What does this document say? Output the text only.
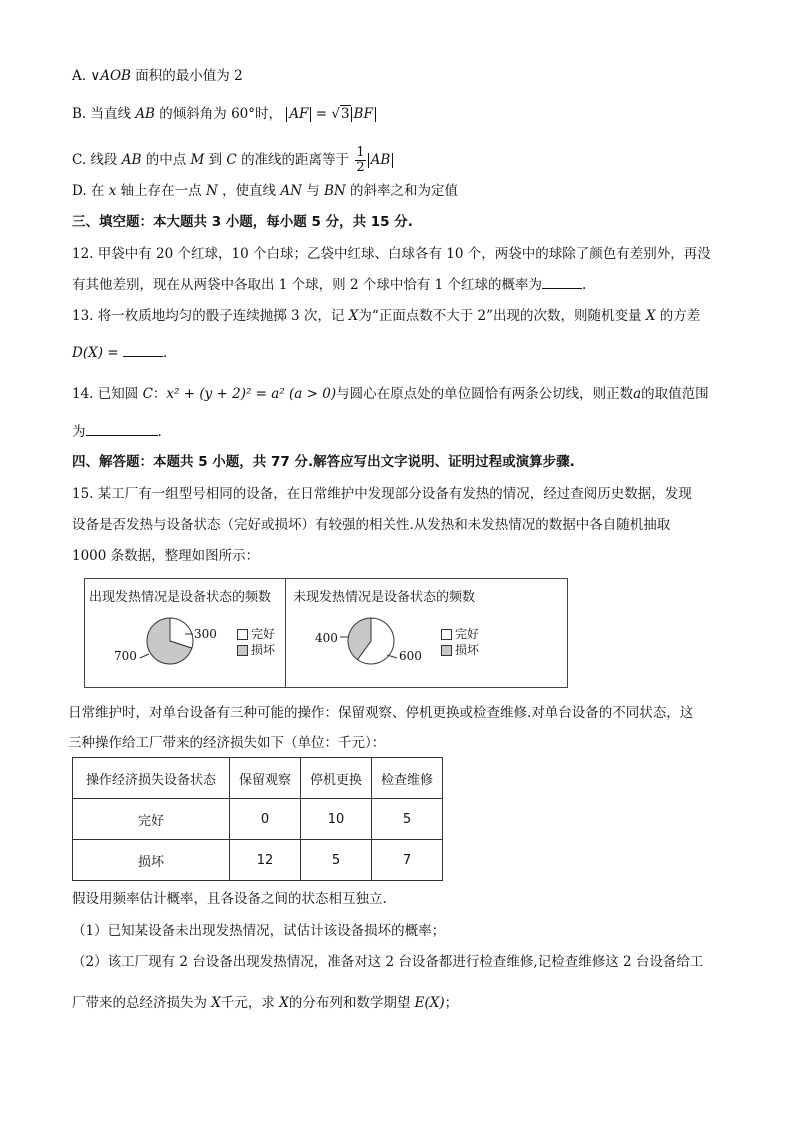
A. ∨AOB 面积的最小值为 2
B. 当直线 AB 的倾斜角为 60°时， AF = √3 BF
C. 线段 AB 的中点 M 到 C 的准线的距离等于 $\frac{1}{2}$ AB
D. 在 x 轴上存在一点 N ，使直线 AN 与 BN 的斜率之和为定值
三、填空题：本大题共 3 小题，每小题 5 分，共 15 分.
12. 甲袋中有 20 个红球，10 个白球；乙袋中红球、白球各有 10 个，两袋中的球除了颜色有差别外，再没
有其他差别，现在从两袋中各取出 1 个球，则 2 个球中恰有 1 个红球的概率为	.
13. 将一枚质地均匀的骰子连续抛掷 3 次，记 X为“正面点数不大于 2”出现的次数，则随机变量 X 的方差
D(X) =	.
14. 已知圆 C：x² + (y + 2)² = a² (a > 0)与圆心在原点处的单位圆恰有两条公切线，则正数a的取值范围
为	.
四、解答题：本题共 5 小题，共 77 分.解答应写出文字说明、证明过程或演算步骤.
15. 某工厂有一组型号相同的设备，在日常维护中发现部分设备有发热的情况，经过查阅历史数据，发现
设备是否发热与设备状态（完好或损坏）有较强的相关性.从发热和未发热情况的数据中各自随机抽取
1000 条数据，整理如图所示：
出现发热情况是设备状态的频数
300
700
完好
损坏
未现发热情况是设备状态的频数
400
600
完好
损坏
日常维护时，对单台设备有三种可能的操作：保留观察、停机更换或检查维修.对单台设备的不同状态，这
三种操作给工厂带来的经济损失如下（单位：千元）：
操作经济损失设备状态	保留观察	停机更换	检查维修
完好	0	10	5
损坏	12	5	7
假设用频率估计概率，且各设备之间的状态相互独立.
（1）已知某设备未出现发热情况，试估计该设备损坏的概率；
（2）该工厂现有 2 台设备出现发热情况，准备对这 2 台设备都进行检查维修,记检查维修这 2 台设备给工
厂带来的总经济损失为 X千元，求 X的分布列和数学期望 E(X)；
